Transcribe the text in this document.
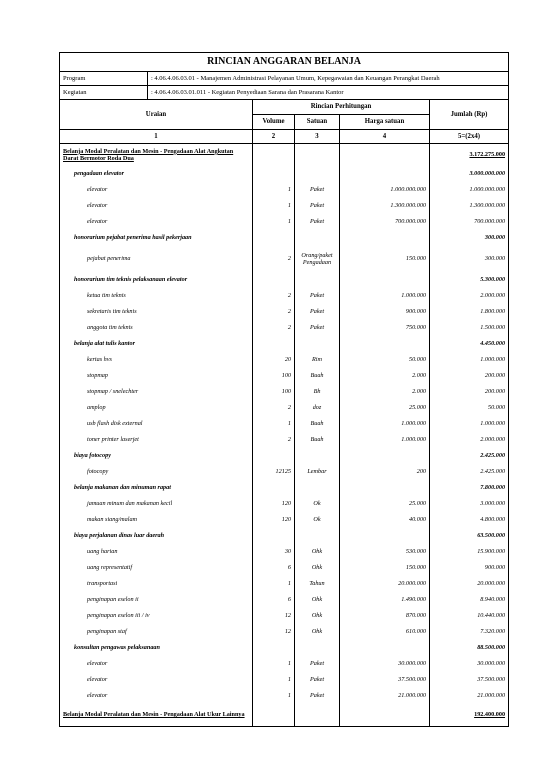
RINCIAN ANGGARAN BELANJA					
Program	: 4.06.4.06.03.01 - Manajemen Administrasi Pelayanan Umum, Kepegawaian dan Keuangan Perangkat Daerah				
Kegiatan	: 4.06.4.06.03.01.011 - Kegiatan Penyediaan Sarana dan Prasarana Kantor				
Uraian		Rincian Perhitungan			Jumlah (Rp)
		Volume	Satuan	Harga satuan	
1		2	3	4	5=(2x4)
Belanja Modal Peralatan dan Mesin - Pengadaan Alat Angkutan Darat Bermotor Roda Dua					3.172.275.000
pengadaan elevator					3.000.000.000
elevator		1	Paket	1.000.000.000	1.000.000.000
elevator		1	Paket	1.300.000.000	1.300.000.000
elevator		1	Paket	700.000.000	700.000.000
honorarium pejabat penerima hasil pekerjaan					300.000
pejabat penerima		2	Orang/paket Pengadaan	150.000	300.000
honorarium tim teknis pelaksanaan elevator					5.300.000
ketua tim teknis		2	Paket	1.000.000	2.000.000
sekretaris tim teknis		2	Paket	900.000	1.800.000
anggota tim teknis		2	Paket	750.000	1.500.000
belanja alat tulis kantor					4.450.000
kertas hvs		20	Rim	50.000	1.000.000
stopmap		100	Buah	2.000	200.000
stopmap / snelechter		100	Bh	2.000	200.000
amplop		2	doz	25.000	50.000
usb flash disk external		1	Buah	1.000.000	1.000.000
toner printer laserjet		2	Buah	1.000.000	2.000.000
biaya fotocopy					2.425.000
fotocopy		12125	Lembar	200	2.425.000
belanja makanan dan minuman rapat					7.800.000
jamuan minum dan makanan kecil		120	Ok	25.000	3.000.000
makan siang/malam		120	Ok	40.000	4.800.000
biaya perjalanan dinas luar daerah					63.500.000
uang harian		30	Ohk	530.000	15.900.000
uang representatif		6	Ohk	150.000	900.000
transportasi		1	Tahun	20.000.000	20.000.000
penginapan eselon ii		6	Ohk	1.490.000	8.940.000
penginapan eselon iii / iv		12	Ohk	870.000	10.440.000
penginapan staf		12	Ohk	610.000	7.320.000
konsultan pengawas pelaksanaan					88.500.000
elevator		1	Paket	30.000.000	30.000.000
elevator		1	Paket	37.500.000	37.500.000
elevator		1	Paket	21.000.000	21.000.000
Belanja Modal Peralatan dan Mesin - Pengadaan Alat Ukur Lainnya					192.400.000
